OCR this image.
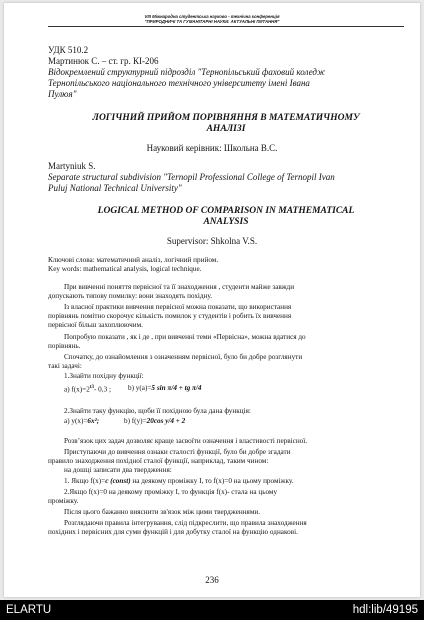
VIII Міжнародна студентська науково - технічна конференція
"ПРИРОДНИЧІ ТА ГУМАНІТАРНІ НАУКИ. АКТУАЛЬНІ ПИТАННЯ"
УДК 510.2
Мартинюк С. – ст. гр. КІ-206
Відокремлений структурний підрозділ "Тернопільський фаховий коледж
Тернопільського національного технічного університету імені Івана
Пулюя"
ЛОГІЧНИЙ ПРИЙОМ ПОРІВНЯННЯ В МАТЕМАТИЧНОМУ
АНАЛІЗІ
Науковий керівник: Школьна В.С.
Martyniuk S.
Separate structural subdivision "Ternopil Professional College of Ternopil Ivan
Puluj National Technical University"
LOGICAL METHOD OF COMPARISON IN MATHEMATICAL
ANALYSIS
Supervisor: Shkolna V.S.
Ключові слова: математичний аналіз, логічний прийом.
Key words: mathematical analysis, logical technique.
При вивченні поняття первісної та її знаходження , студенти майже завжди
допускають типову помилку: вони знаходять похідну.
Із власної практики вивчення первісної можна показати, що використання
порівнянь помітно скорочує кількість помилок у студентів і робить їх вивчення
первісної більш захоплюючим.
Попробую показати , як і де , при вивченні теми «Первісна», можна вдатися до
порівнянь.
Спочатку, до ознайомлення з означенням первісної, було би добре розглянути
такі задачі:
1.Знайти похідну функції:
a) $f(x)=2^{t3}-$ 0,3 ; b) y(a)=5 sin π/4 + tg π/4
2.Знайти таку функцію, щоби її похідною була дана функція:
a) y(x)=6x²;	b) f(y)=20cos y/4 + 2
Розв’язок цих задач дозволяє краще засвоїти означення і властивості первісної.
Приступаючи до вивчення ознаки сталості функції, було би добре згадати
правило знаходження похідної сталої функції, наприклад, таким чином:
на дошці записати два твердження:
1. Якщо f(x)=c (const) на деякому проміжку I, то f(x)=0 на цьому проміжку.
2.Якщо f(x)=0 на деякому проміжку I, то функція f(x)- стала на цьому
проміжку.
Після цього бажанно вияснити зв'язок між цими твердженнями.
Розглядаючи правила інтегрування, слід підкреслити, що правила знаходження
похідних і первісних для суми функцій і для добутку сталої на функцію однакові.
236
ELARTU	hdl:lib/49195
